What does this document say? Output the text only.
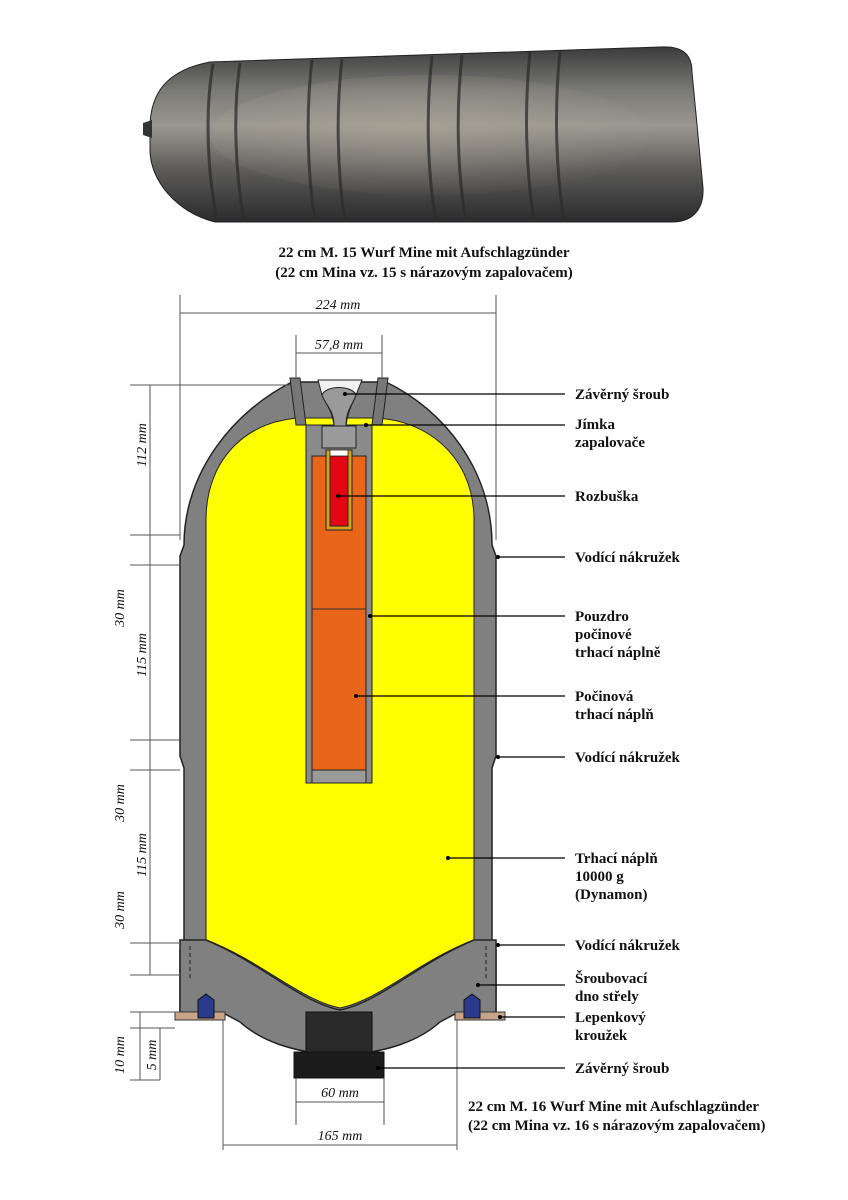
22 cm M. 15 Wurf Mine mit Aufschlagzünder
(22 cm Mina vz. 15 s nárazovým zapalovačem)
224 mm
57,8 mm
60 mm
165 mm
112 mm
30 mm
115 mm
30 mm
115 mm
30 mm
10 mm 5 mm
Závěrný šroub
Jímka
zapalovače
Rozbuška
Vodící nákružek
Pouzdro
počinové
trhací náplně
Počinová
trhací náplň
Vodící nákružek
Trhací náplň
10000 g
(Dynamon)
Vodící nákružek
Šroubovací
dno střely
Lepenkový
kroužek
Závěrný šroub
22 cm M. 16 Wurf Mine mit Aufschlagzünder
(22 cm Mina vz. 16 s nárazovým zapalovačem)
